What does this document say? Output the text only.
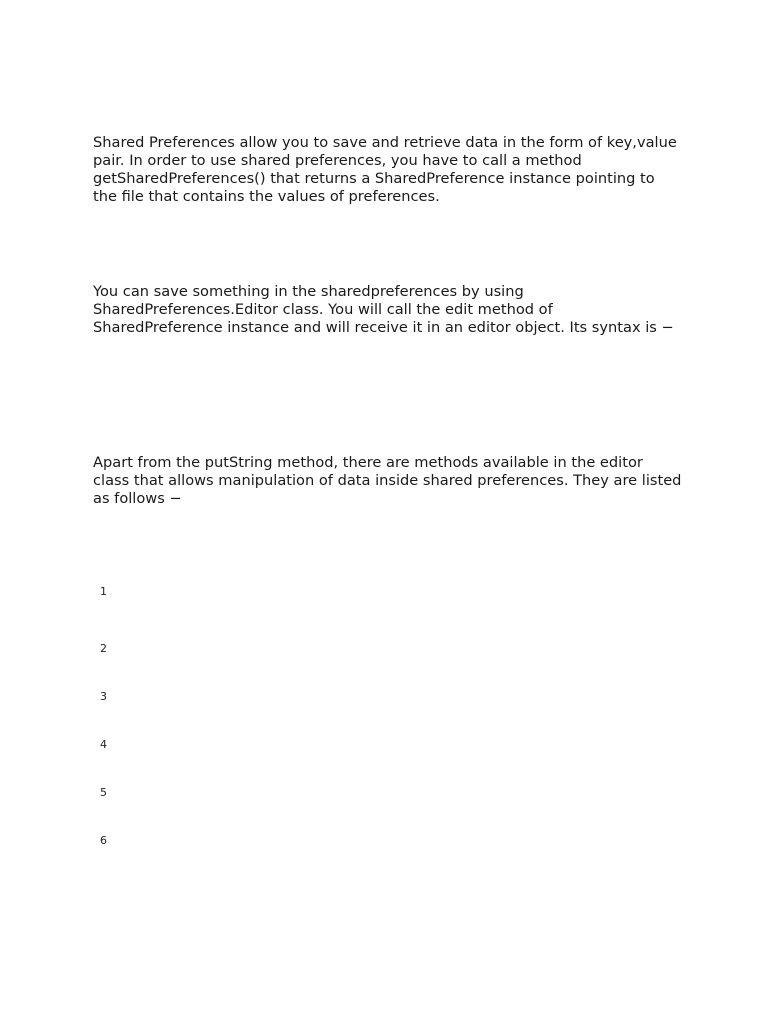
Shared Preferences allow you to save and retrieve data in the form of key,value pair. In order to use shared preferences, you have to call a method getSharedPreferences() that returns a SharedPreference instance pointing to the file that contains the values of preferences.

You can save something in the sharedpreferences by using SharedPreferences.Editor class. You will call the edit method of SharedPreference instance and will receive it in an editor object. Its syntax is −

Apart from the putString method, there are methods available in the editor class that allows manipulation of data inside shared preferences. They are listed as follows −

1
2
3
4
5
6
